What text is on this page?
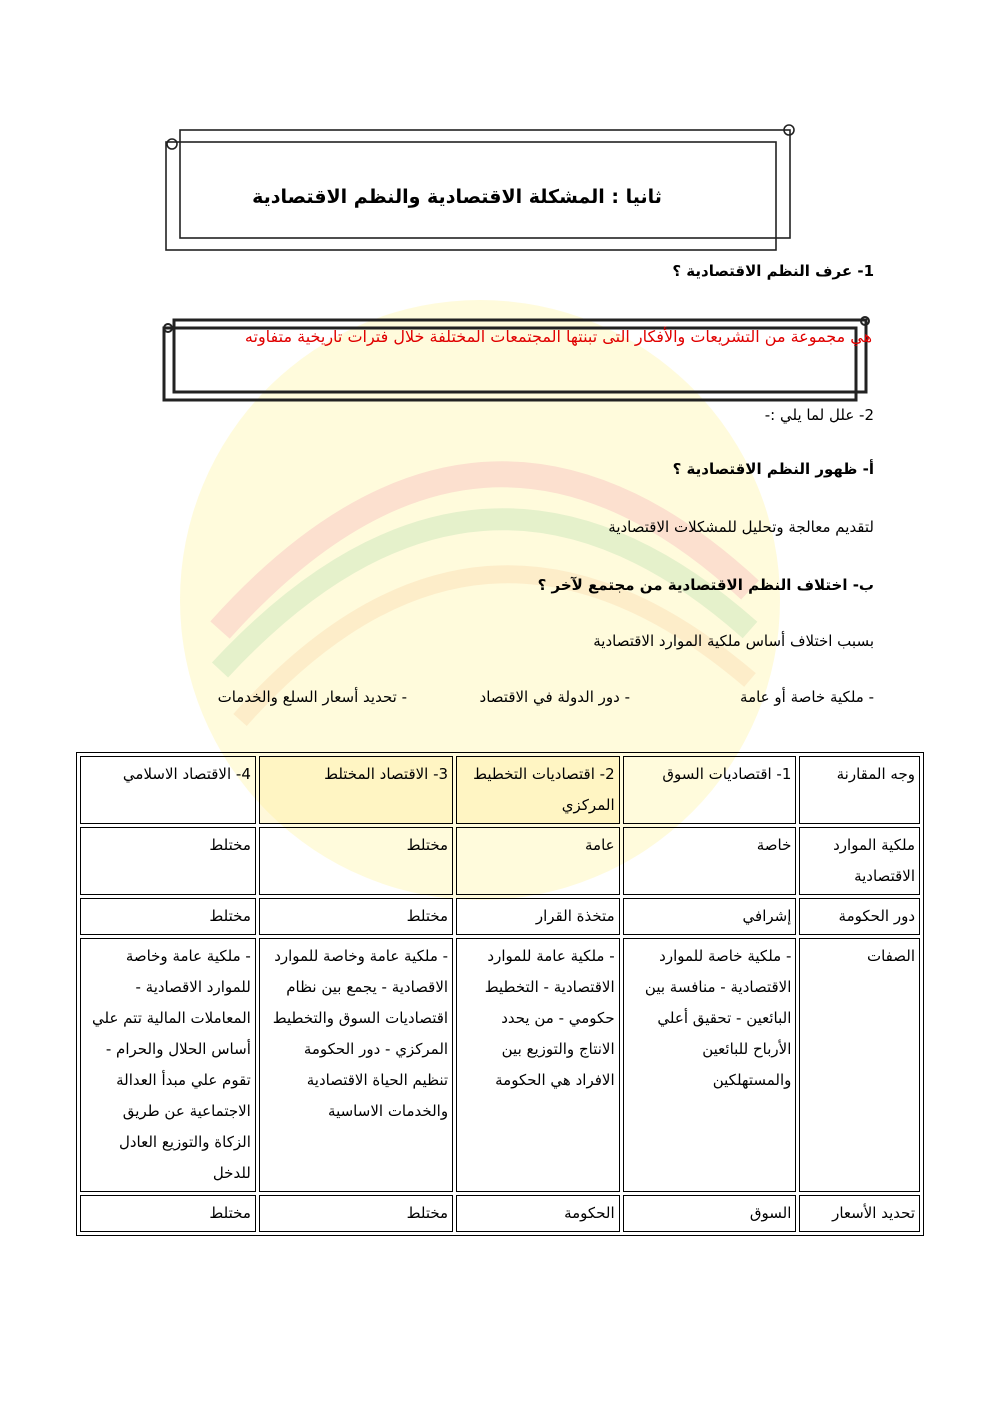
ثانيا : المشكلة الاقتصادية والنظم الاقتصادية

1- عرف النظم الاقتصادية ؟

هي مجموعة من التشريعات والأفكار التى تبنتها المجتمعات المختلفة خلال فترات تاريخية متفاوته

2- علل لما يلي :-

أ- ظهور النظم الاقتصادية ؟

لتقديم معالجة وتحليل للمشكلات الاقتصادية

ب- اختلاف النظم الاقتصادية من مجتمع لآخر ؟

بسبب اختلاف أساس ملكية الموارد الاقتصادية

- ملكية خاصة أو عامة

- دور الدولة في الاقتصاد

- تحديد أسعار السلع والخدمات

وجه المقارنة	1- اقتصاديات السوق	2- اقتصاديات التخطيط المركزي	3- الاقتصاد المختلط	4- الاقتصاد الاسلامي
ملكية الموارد الاقتصادية	خاصة	عامة	مختلط	مختلط
دور الحكومة	إشرافي	متخذة القرار	مختلط	مختلط
الصفات	- ملكية خاصة للموارد الاقتصادية - منافسة بين البائعين - تحقيق أعلي الأرباح للبائعين والمستهلكين	- ملكية عامة للموارد الاقتصادية - التخطيط حكومي - من يحدد الانتاج والتوزيع بين الافراد هي الحكومة	- ملكية عامة وخاصة للموارد الاقصادية - يجمع بين نظام اقتصاديات السوق والتخطيط المركزي - دور الحكومة تنظيم الحياة الاقتصادية والخدمات الاساسية	- ملكية عامة وخاصة للموارد الاقصادية - المعاملات المالية تتم علي أساس الحلال والحرام - تقوم علي مبدأ العدالة الاجتماعية عن طريق الزكاة والتوزيع العادل للدخل
تحديد الأسعار	السوق	الحكومة	مختلط	مختلط
